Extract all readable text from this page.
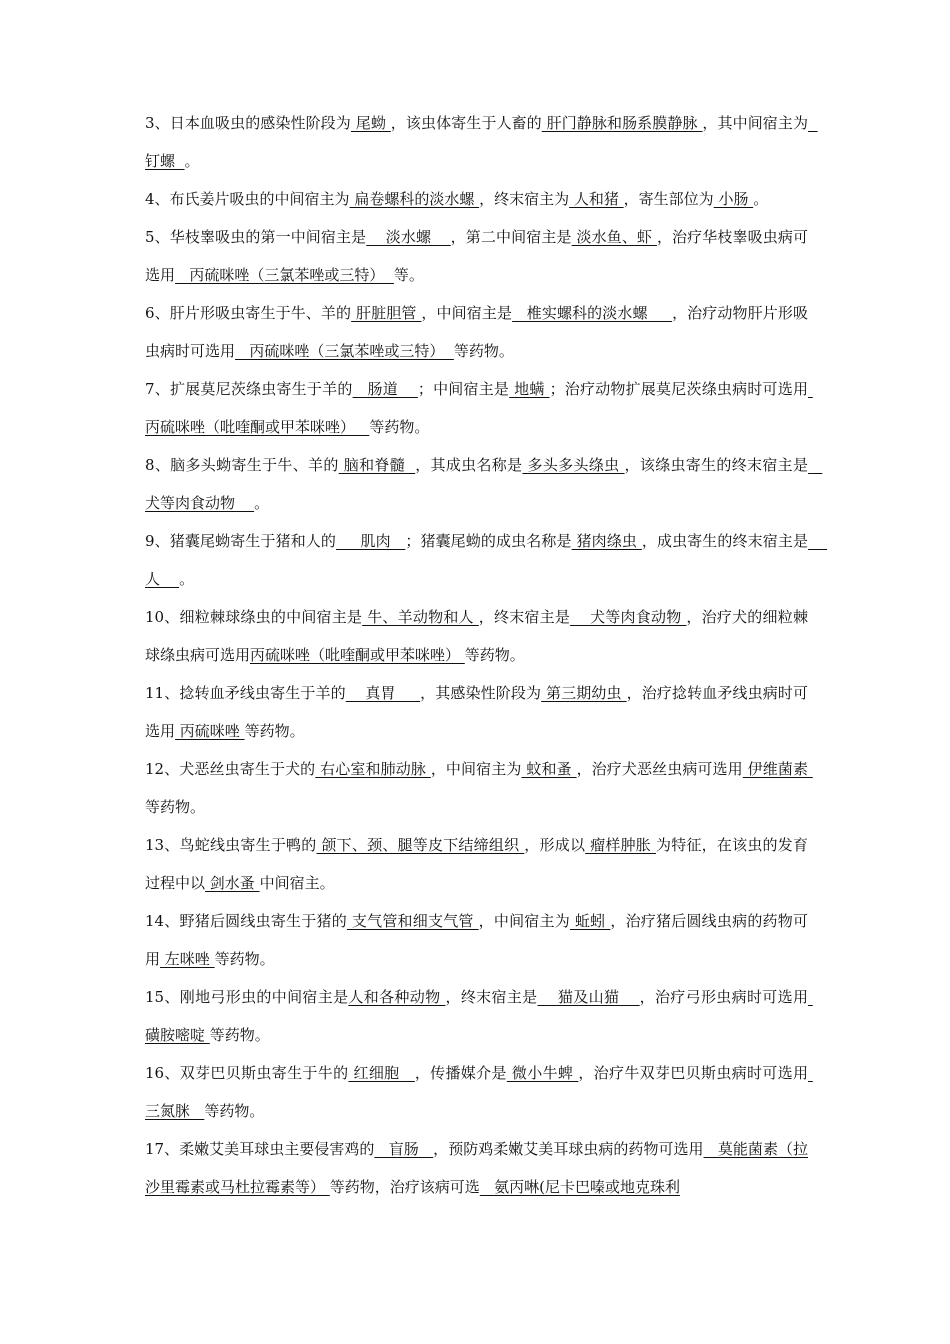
3、日本血吸虫的感染性阶段为 尾蚴 ，该虫体寄生于人畜的 肝门静脉和肠系膜静脉 ，其中间宿主为  钉螺  。

4、布氏姜片吸虫的中间宿主为 扁卷螺科的淡水螺 ，终末宿主为 人和猪 ，寄生部位为 小肠 。

5、华枝睾吸虫的第一中间宿主是    淡水螺    ，第二中间宿主是 淡水鱼、虾 ，治疗华枝睾吸虫病可选用   丙硫咪唑（三氯苯唑或三特）  等。

6、肝片形吸虫寄生于牛、羊的 肝脏胆管 ，中间宿主是   椎实螺科的淡水螺     ，治疗动物肝片形吸虫病时可选用   丙硫咪唑（三氯苯唑或三特）  等药物。

7、扩展莫尼茨绦虫寄生于羊的   肠道    ；中间宿主是 地螨 ；治疗动物扩展莫尼茨绦虫病时可选用 丙硫咪唑（吡喹酮或甲苯咪唑）   等药物。

8、脑多头蚴寄生于牛、羊的 脑和脊髓  ，其成虫名称是 多头多头绦虫 ，该绦虫寄生的终末宿主是   犬等肉食动物    。

9、猪囊尾蚴寄生于猪和人的     肌肉   ；猪囊尾蚴的成虫名称是 猪肉绦虫 ，成虫寄生的终末宿主是    人    。

10、细粒棘球绦虫的中间宿主是 牛、羊动物和人 ，终末宿主是    犬等肉食动物 ，治疗犬的细粒棘球绦虫病可选用丙硫咪唑（吡喹酮或甲苯咪唑） 等药物。

11、捻转血矛线虫寄生于羊的    真胃     ，其感染性阶段为 第三期幼虫 ，治疗捻转血矛线虫病时可选用 丙硫咪唑 等药物。

12、犬恶丝虫寄生于犬的 右心室和肺动脉 ，中间宿主为 蚊和蚤 ，治疗犬恶丝虫病可选用 伊维菌素 等药物。

13、鸟蛇线虫寄生于鸭的 颌下、颈、腿等皮下结缔组织 ，形成以 瘤样肿胀 为特征，在该虫的发育过程中以 剑水蚤 中间宿主。

14、野猪后圆线虫寄生于猪的 支气管和细支气管 ，中间宿主为 蚯蚓 ，治疗猪后圆线虫病的药物可用 左咪唑 等药物。

15、刚地弓形虫的中间宿主是人和各种动物 ，终末宿主是    猫及山猫    ，治疗弓形虫病时可选用 磺胺嘧啶 等药物。

16、双芽巴贝斯虫寄生于牛的 红细胞   ，传播媒介是 微小牛蜱 ，治疗牛双芽巴贝斯虫病时可选用 三氮脒   等药物。

17、柔嫩艾美耳球虫主要侵害鸡的   盲肠   ，预防鸡柔嫩艾美耳球虫病的药物可选用   莫能菌素（拉沙里霉素或马杜拉霉素等） 等药物，治疗该病可选   氨丙啉(尼卡巴嗪或地克珠利
